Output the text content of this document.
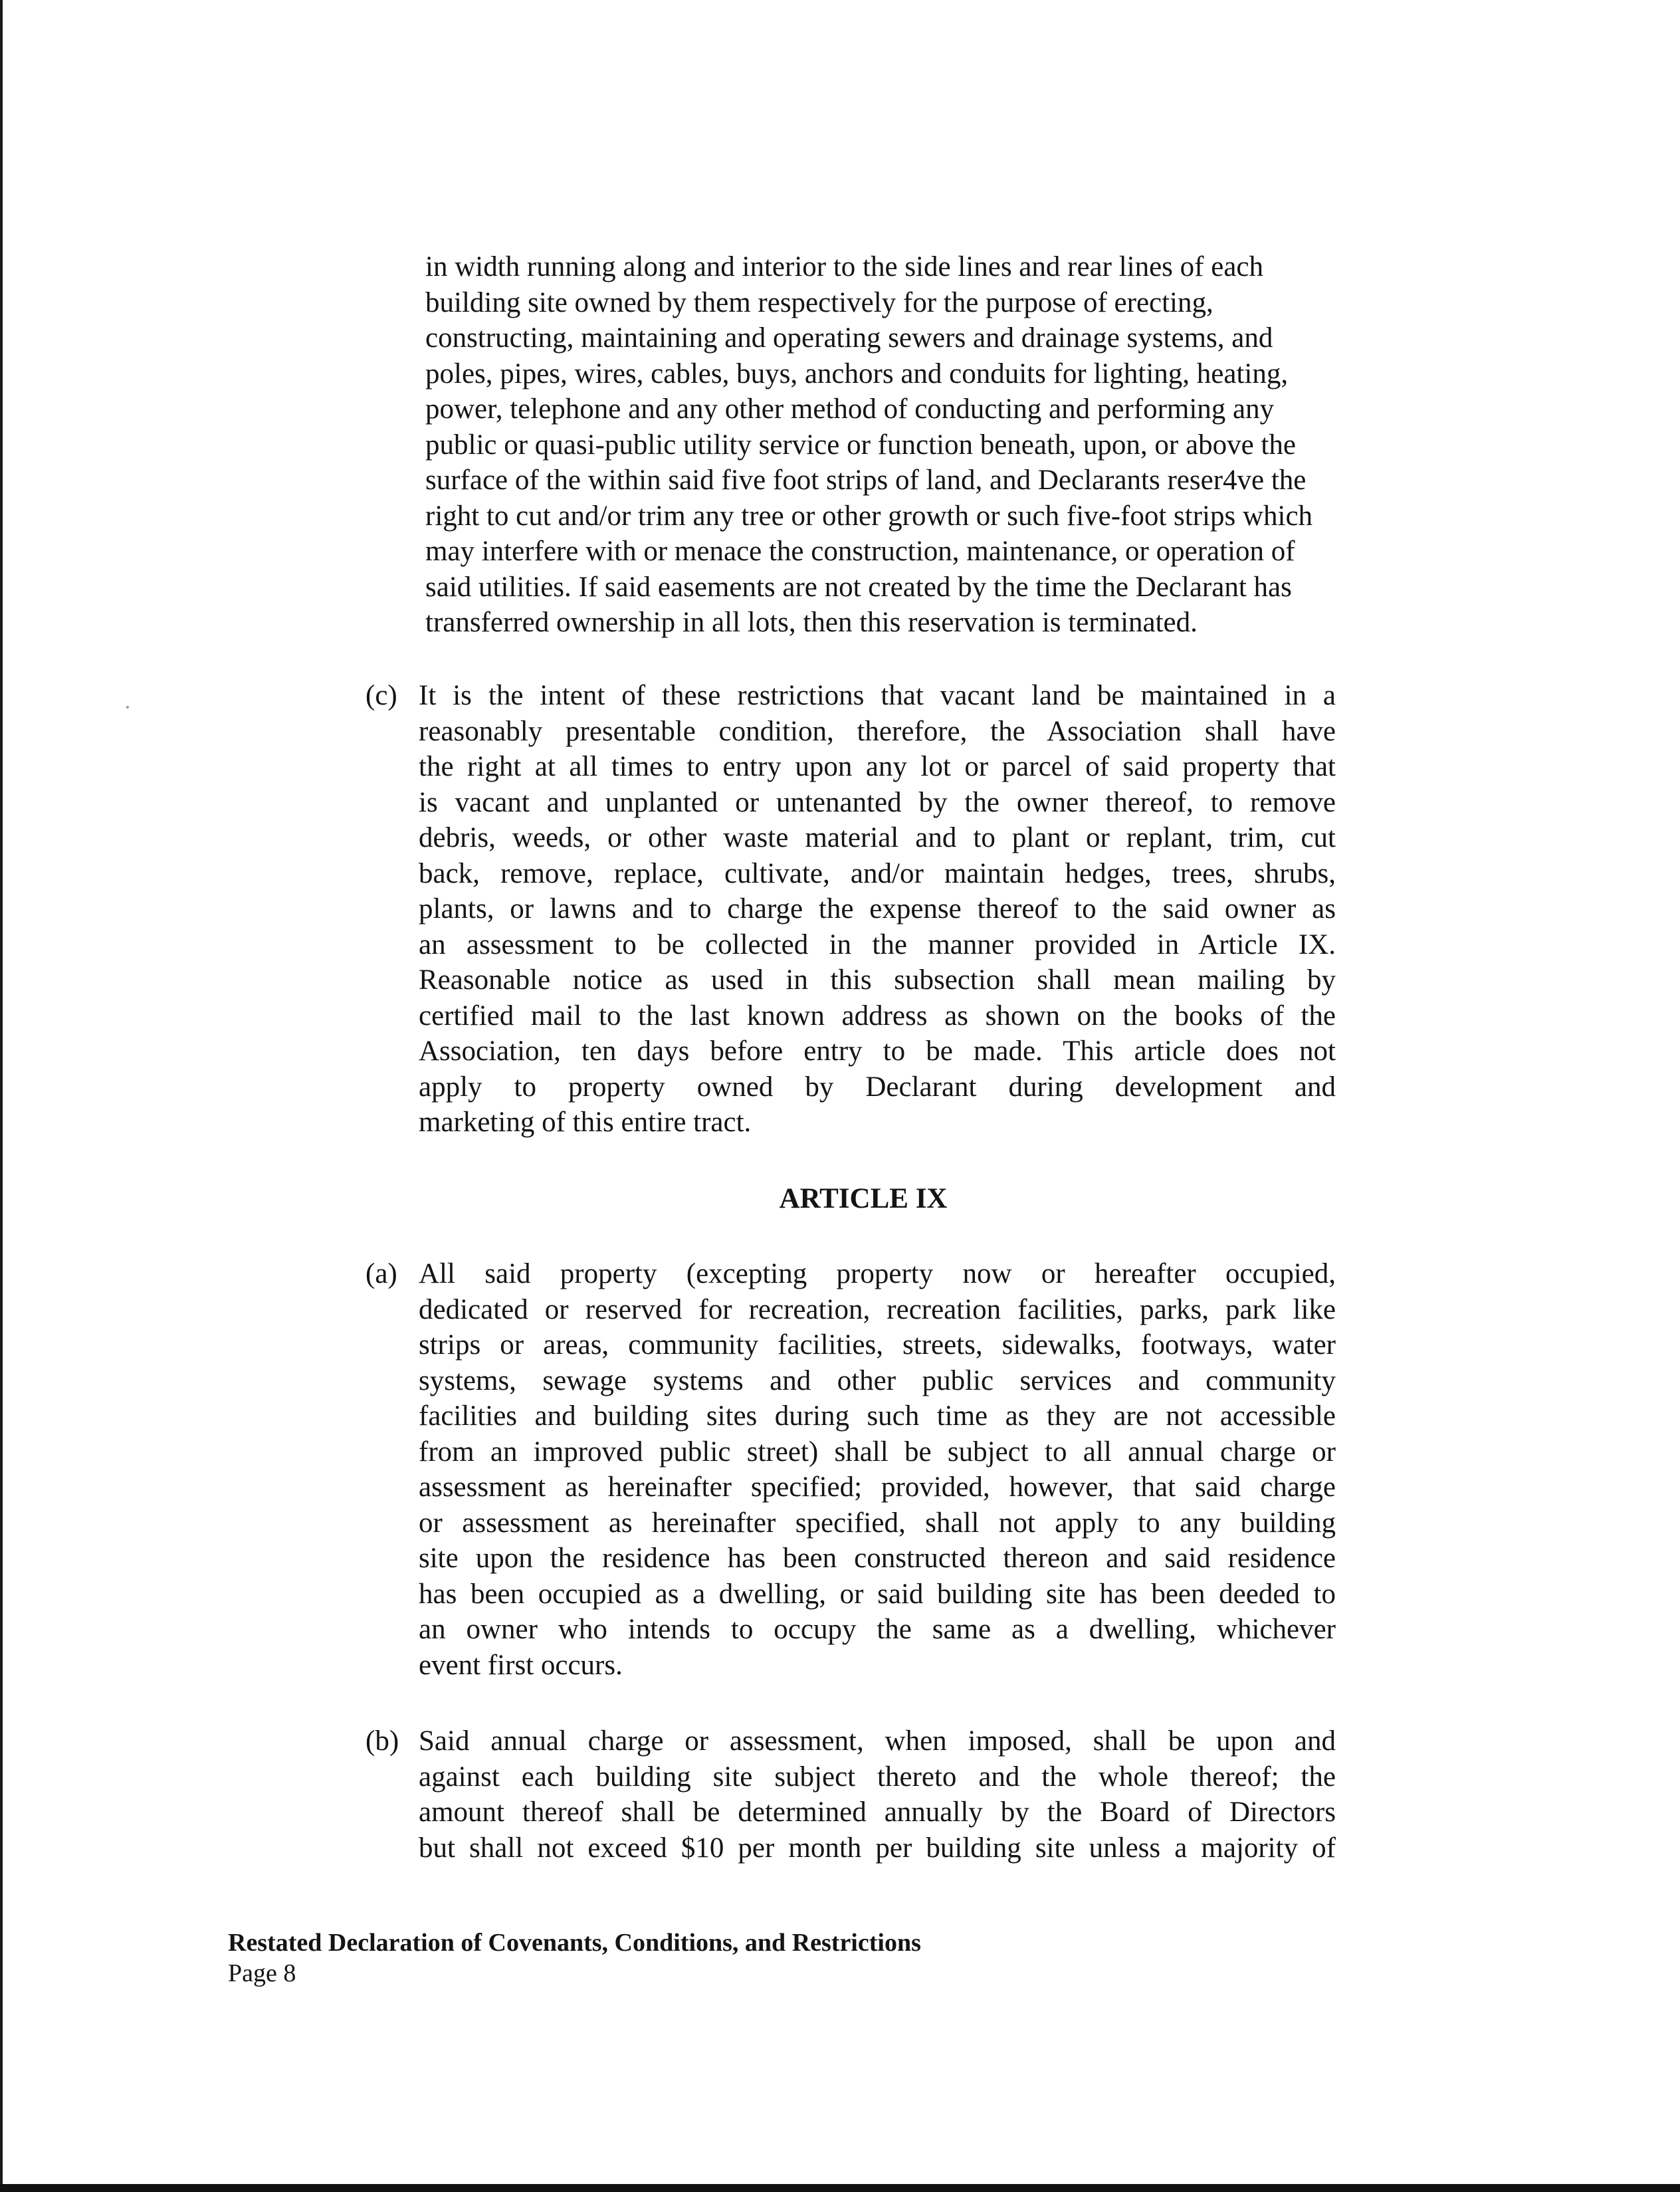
in width running along and interior to the side lines and rear lines of each
building site owned by them respectively for the purpose of erecting,
constructing, maintaining and operating sewers and drainage systems, and
poles, pipes, wires, cables, buys, anchors and conduits for lighting, heating,
power, telephone and any other method of conducting and performing any
public or quasi-public utility service or function beneath, upon, or above the
surface of the within said five foot strips of land, and Declarants reser4ve the
right to cut and/or trim any tree or other growth or such five-foot strips which
may interfere with or menace the construction, maintenance, or operation of
said utilities. If said easements are not created by the time the Declarant has
transferred ownership in all lots, then this reservation is terminated.
(c) It is the intent of these restrictions that vacant land be maintained in a
reasonably presentable condition, therefore, the Association shall have
the right at all times to entry upon any lot or parcel of said property that
is vacant and unplanted or untenanted by the owner thereof, to remove
debris, weeds, or other waste material and to plant or replant, trim, cut
back, remove, replace, cultivate, and/or maintain hedges, trees, shrubs,
plants, or lawns and to charge the expense thereof to the said owner as
an assessment to be collected in the manner provided in Article IX.
Reasonable notice as used in this subsection shall mean mailing by
certified mail to the last known address as shown on the books of the
Association, ten days before entry to be made. This article does not
apply to property owned by Declarant during development and
marketing of this entire tract.
ARTICLE IX
(a) All said property (excepting property now or hereafter occupied,
dedicated or reserved for recreation, recreation facilities, parks, park like
strips or areas, community facilities, streets, sidewalks, footways, water
systems, sewage systems and other public services and community
facilities and building sites during such time as they are not accessible
from an improved public street) shall be subject to all annual charge or
assessment as hereinafter specified; provided, however, that said charge
or assessment as hereinafter specified, shall not apply to any building
site upon the residence has been constructed thereon and said residence
has been occupied as a dwelling, or said building site has been deeded to
an owner who intends to occupy the same as a dwelling, whichever
event first occurs.
(b) Said annual charge or assessment, when imposed, shall be upon and
against each building site subject thereto and the whole thereof; the
amount thereof shall be determined annually by the Board of Directors
but shall not exceed $10 per month per building site unless a majority of

Restated Declaration of Covenants, Conditions, and Restrictions

Page 8
